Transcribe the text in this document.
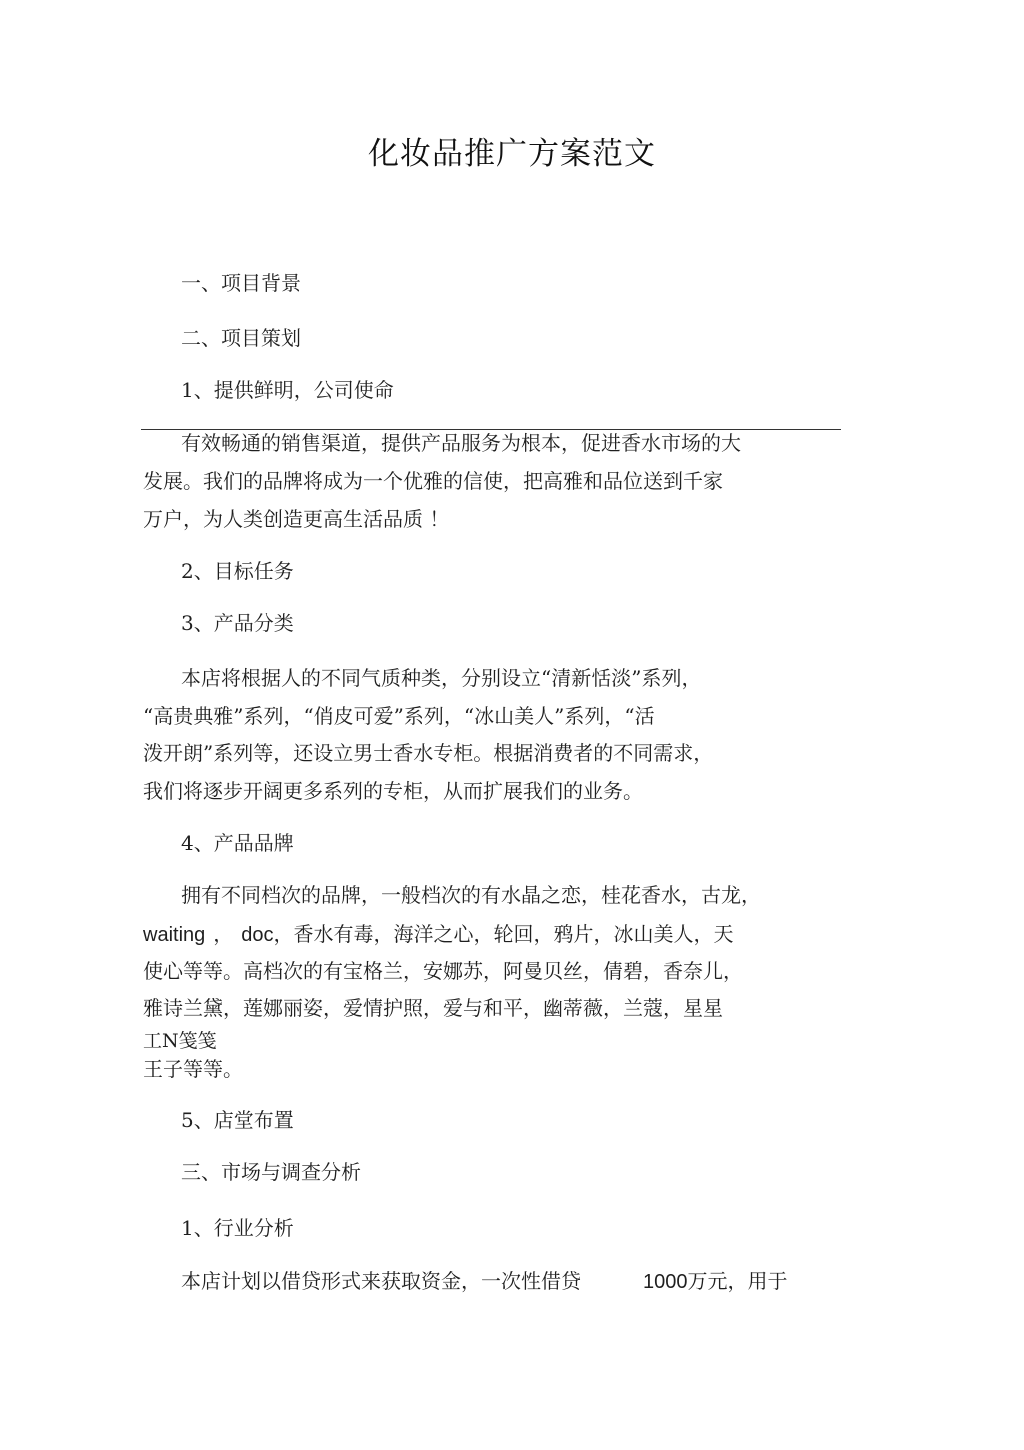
化妆品推广方案范文
一、项目背景
二、项目策划
1、提供鲜明，公司使命
有效畅通的销售渠道，提供产品服务为根本，促进香水市场的大
发展。我们的品牌将成为一个优雅的信使，把高雅和品位送到千家
万户，为人类创造更高生活品质 ！
2、目标任务
3、产品分类
本店将根据人的不同气质种类，分别设立“清新恬淡”系列，
“高贵典雅”系列，“俏皮可爱”系列，“冰山美人”系列，“活
泼开朗”系列等，还设立男士香水专柜。根据消费者的不同需求，
我们将逐步开阔更多系列的专柜，从而扩展我们的业务。
4、产品品牌
拥有不同档次的品牌，一般档次的有水晶之恋，桂花香水，古龙，
waiting ， doc，香水有毒，海洋之心，轮回，鸦片，冰山美人，天
使心等等。高档次的有宝格兰，安娜苏，阿曼贝丝，倩碧，香奈儿，
雅诗兰黛，莲娜丽姿，爱情护照，爱与和平，幽蒂薇，兰蔻，星星
工N笺笺
王子等等。
5、店堂布置
三、市场与调查分析
1、行业分析
本店计划以借贷形式来获取资金，一次性借贷	1000万元，用于
